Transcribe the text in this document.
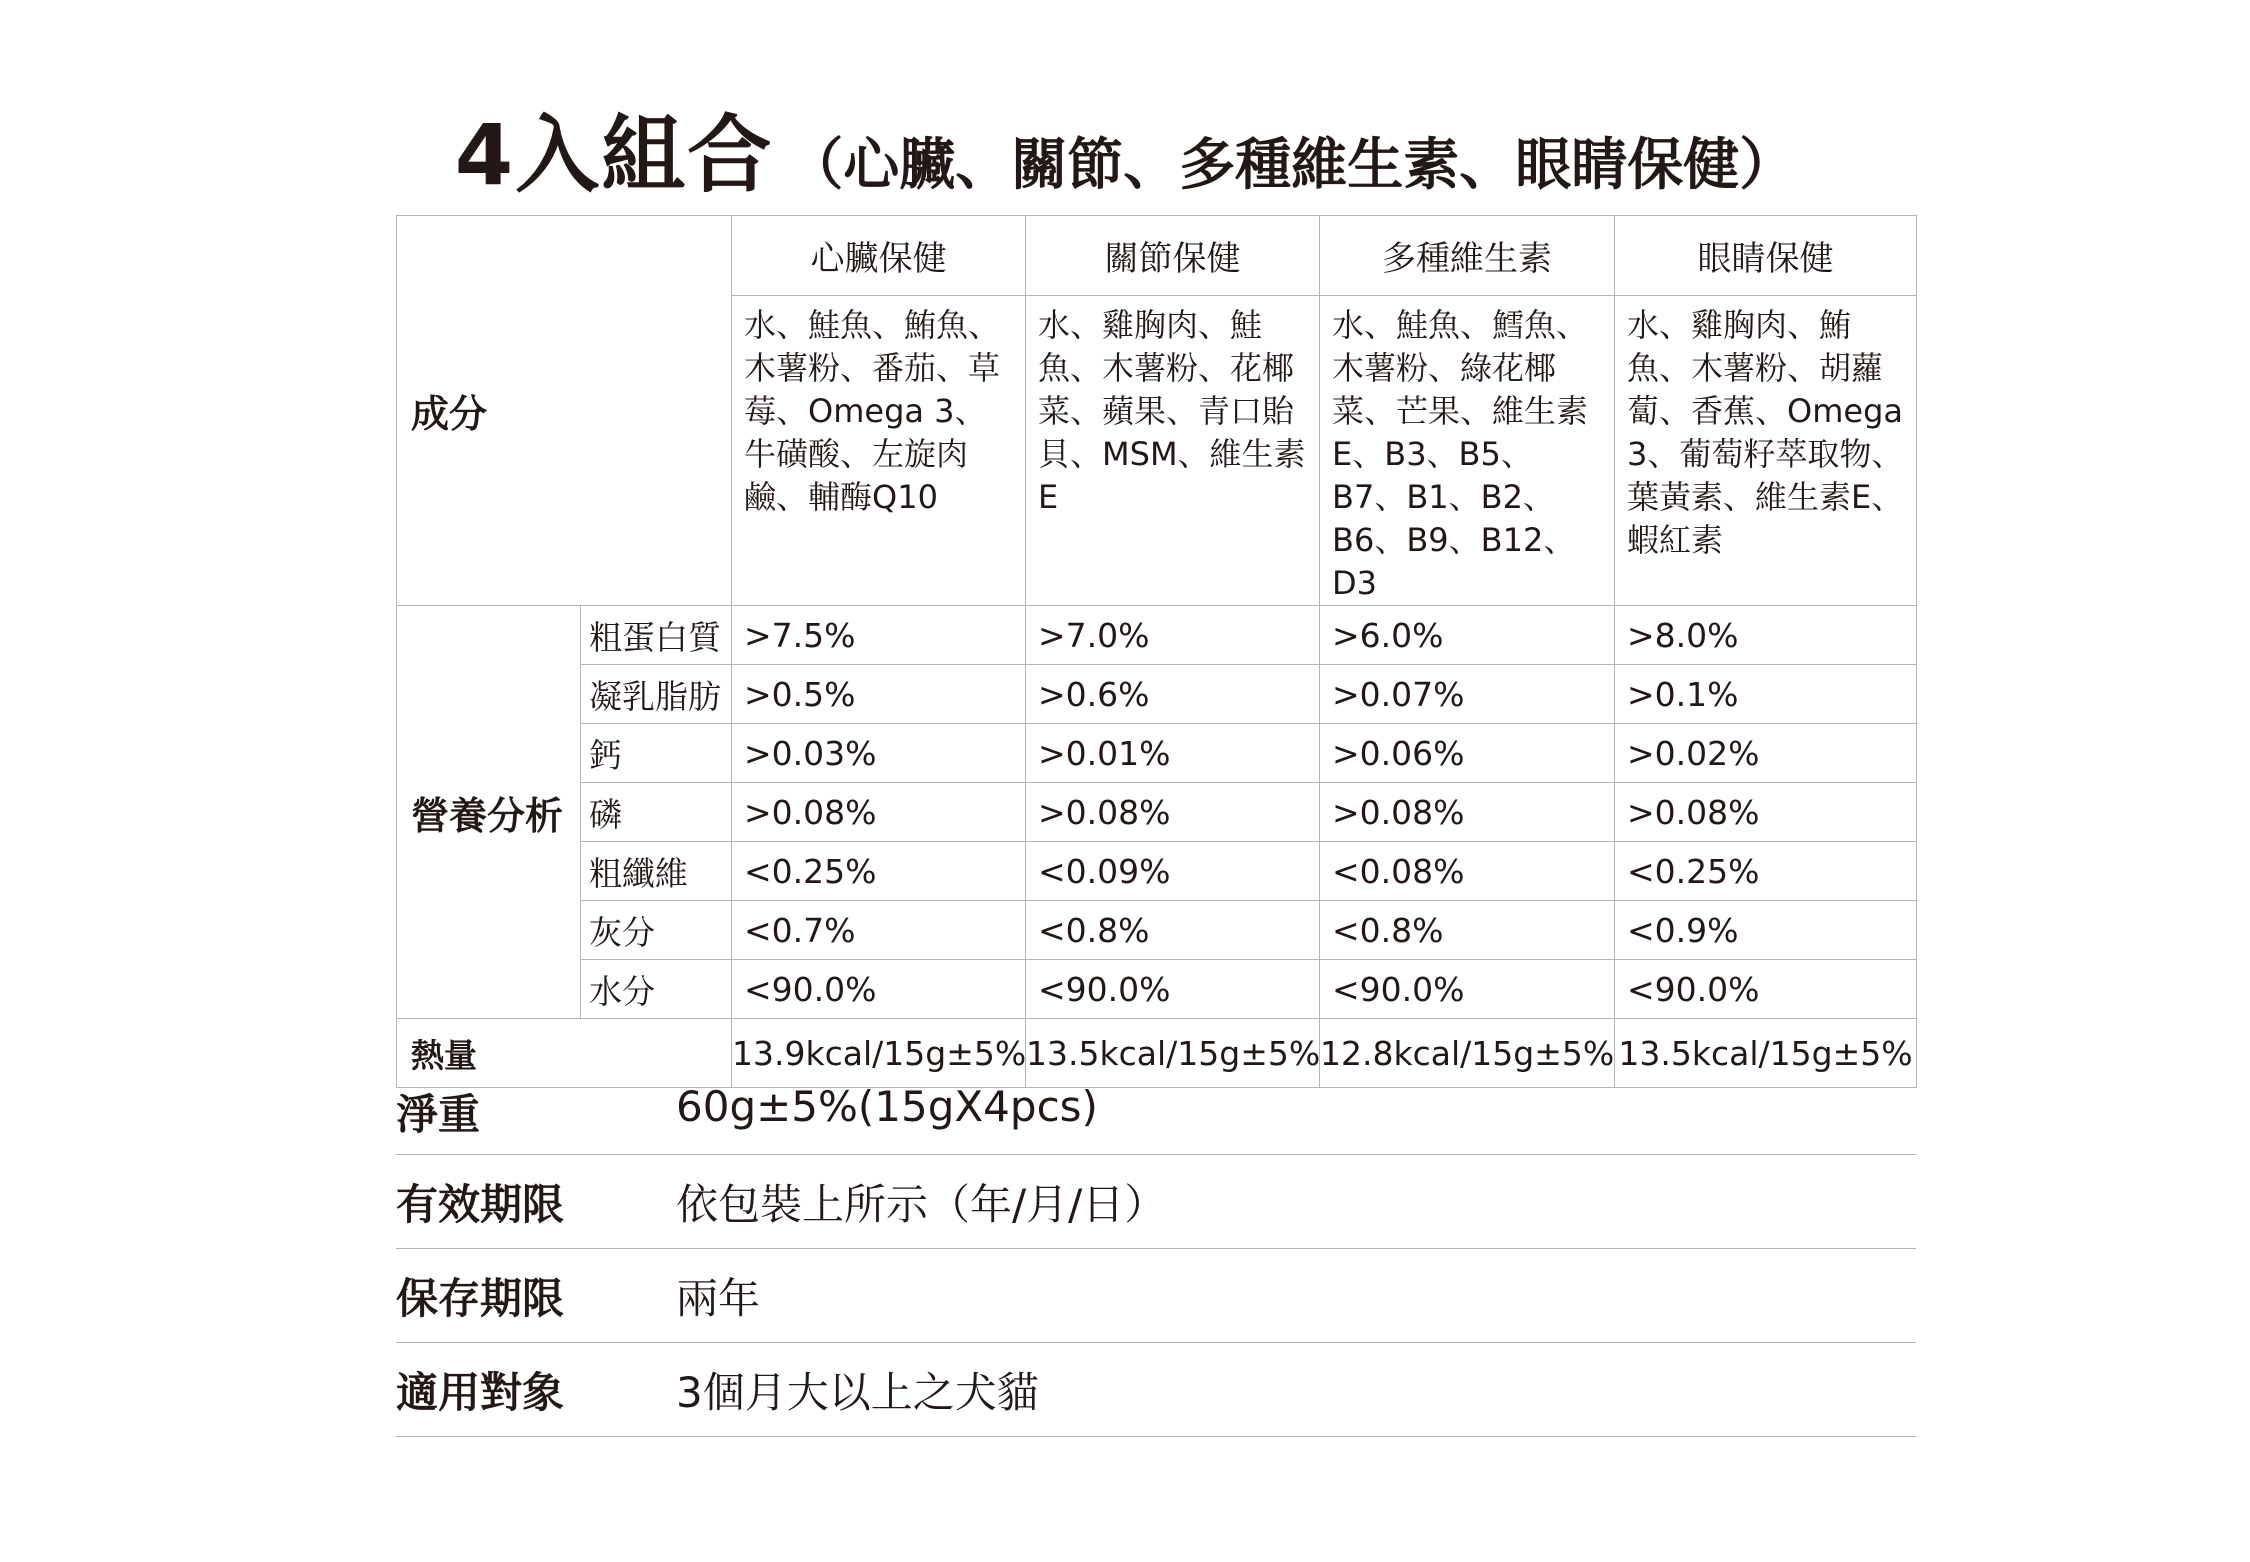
4入組合 （心臟、關節、多種維生素、眼睛保健）
成分		心臟保健	關節保健	多種維生素	眼睛保健
		水、鮭魚、鮪魚、木薯粉、番茄、草莓、Omega 3、牛磺酸、左旋肉鹼、輔酶Q10	水、雞胸肉、鮭魚、木薯粉、花椰菜、蘋果、青口貽貝、MSM、維生素E	水、鮭魚、鱈魚、木薯粉、綠花椰菜、芒果、維生素E、B3、B5、B7、B1、B2、B6、B9、B12、D3	水、雞胸肉、鮪魚、木薯粉、胡蘿蔔、香蕉、Omega 3、葡萄籽萃取物、葉黃素、維生素E、蝦紅素
營養分析	粗蛋白質	>7.5%	>7.0%	>6.0%	>8.0%
	凝乳脂肪	>0.5%	>0.6%	>0.07%	>0.1%
	鈣	>0.03%	>0.01%	>0.06%	>0.02%
	磷	>0.08%	>0.08%	>0.08%	>0.08%
	粗纖維	<0.25%	<0.09%	<0.08%	<0.25%
	灰分	<0.7%	<0.8%	<0.8%	<0.9%
	水分	<90.0%	<90.0%	<90.0%	<90.0%
熱量		13.9kcal/15g±5%	13.5kcal/15g±5%	12.8kcal/15g±5%	13.5kcal/15g±5%
淨重	60g±5%(15gX4pcs)
有效期限	依包裝上所示（年/月/日）
保存期限	兩年
適用對象	3個月大以上之犬貓
